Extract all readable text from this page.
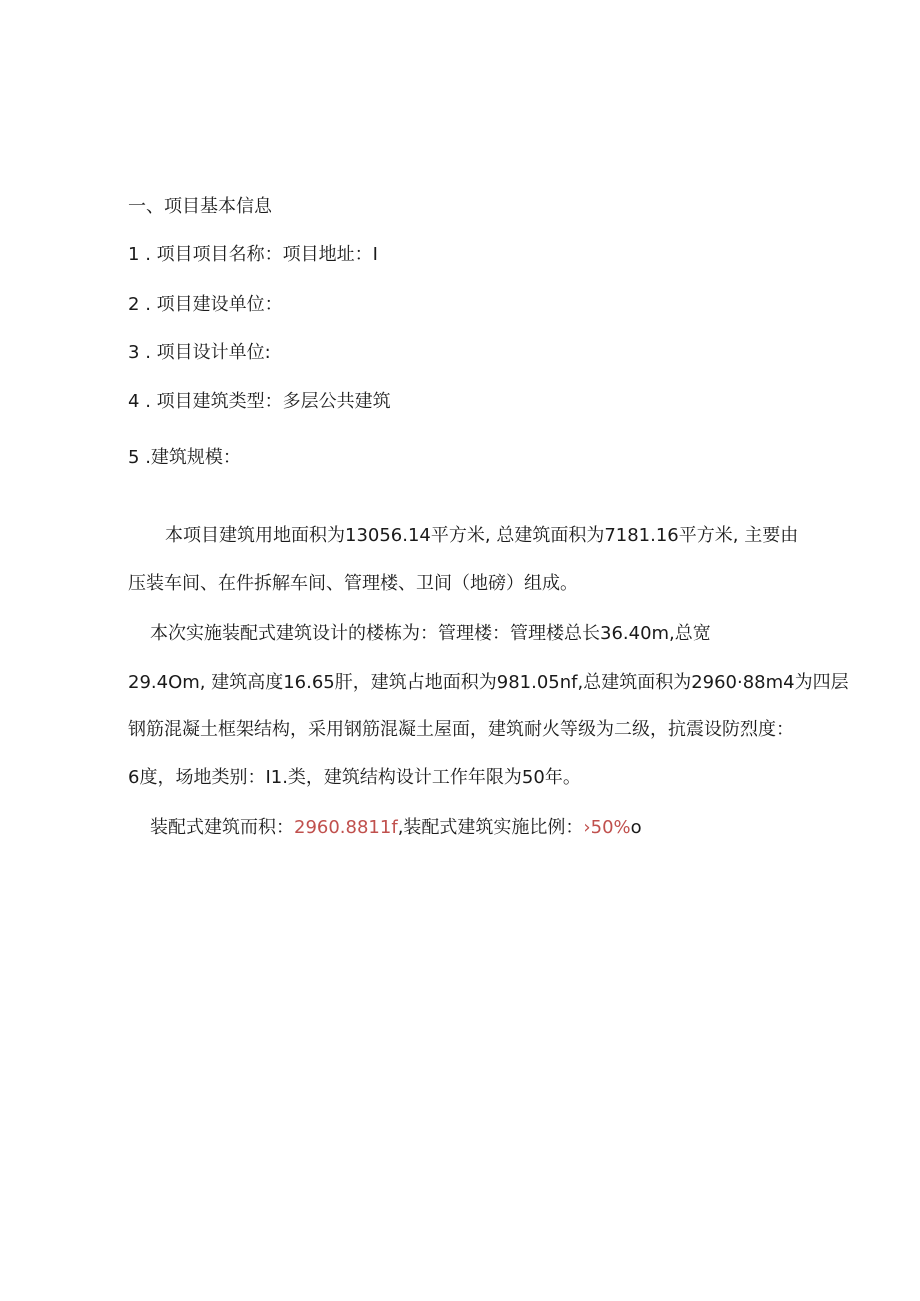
一、项目基本信息
1 . 项目项目名称：项目地址：I
2 . 项目建设单位：
3 . 项目设计单位:
4 . 项目建筑类型：多层公共建筑
5 .建筑规模：
本项目建筑用地面积为13056.14平方米, 总建筑面积为7181.16平方米, 主要由
压装车间、在件拆解车间、管理楼、卫间（地磅）组成。
本次实施装配式建筑设计的楼栋为：管理楼：管理楼总长36.40m,总宽
29.4Om, 建筑高度16.65肝，建筑占地面积为981.05nf,总建筑面积为2960·88m4为四层
钢筋混凝土框架结构，采用钢筋混凝土屋面，建筑耐火等级为二级，抗震设防烈度：
6度，场地类别：I1.类，建筑结构设计工作年限为50年。
装配式建筑而积：2960.8811f,装配式建筑实施比例：›50%o
